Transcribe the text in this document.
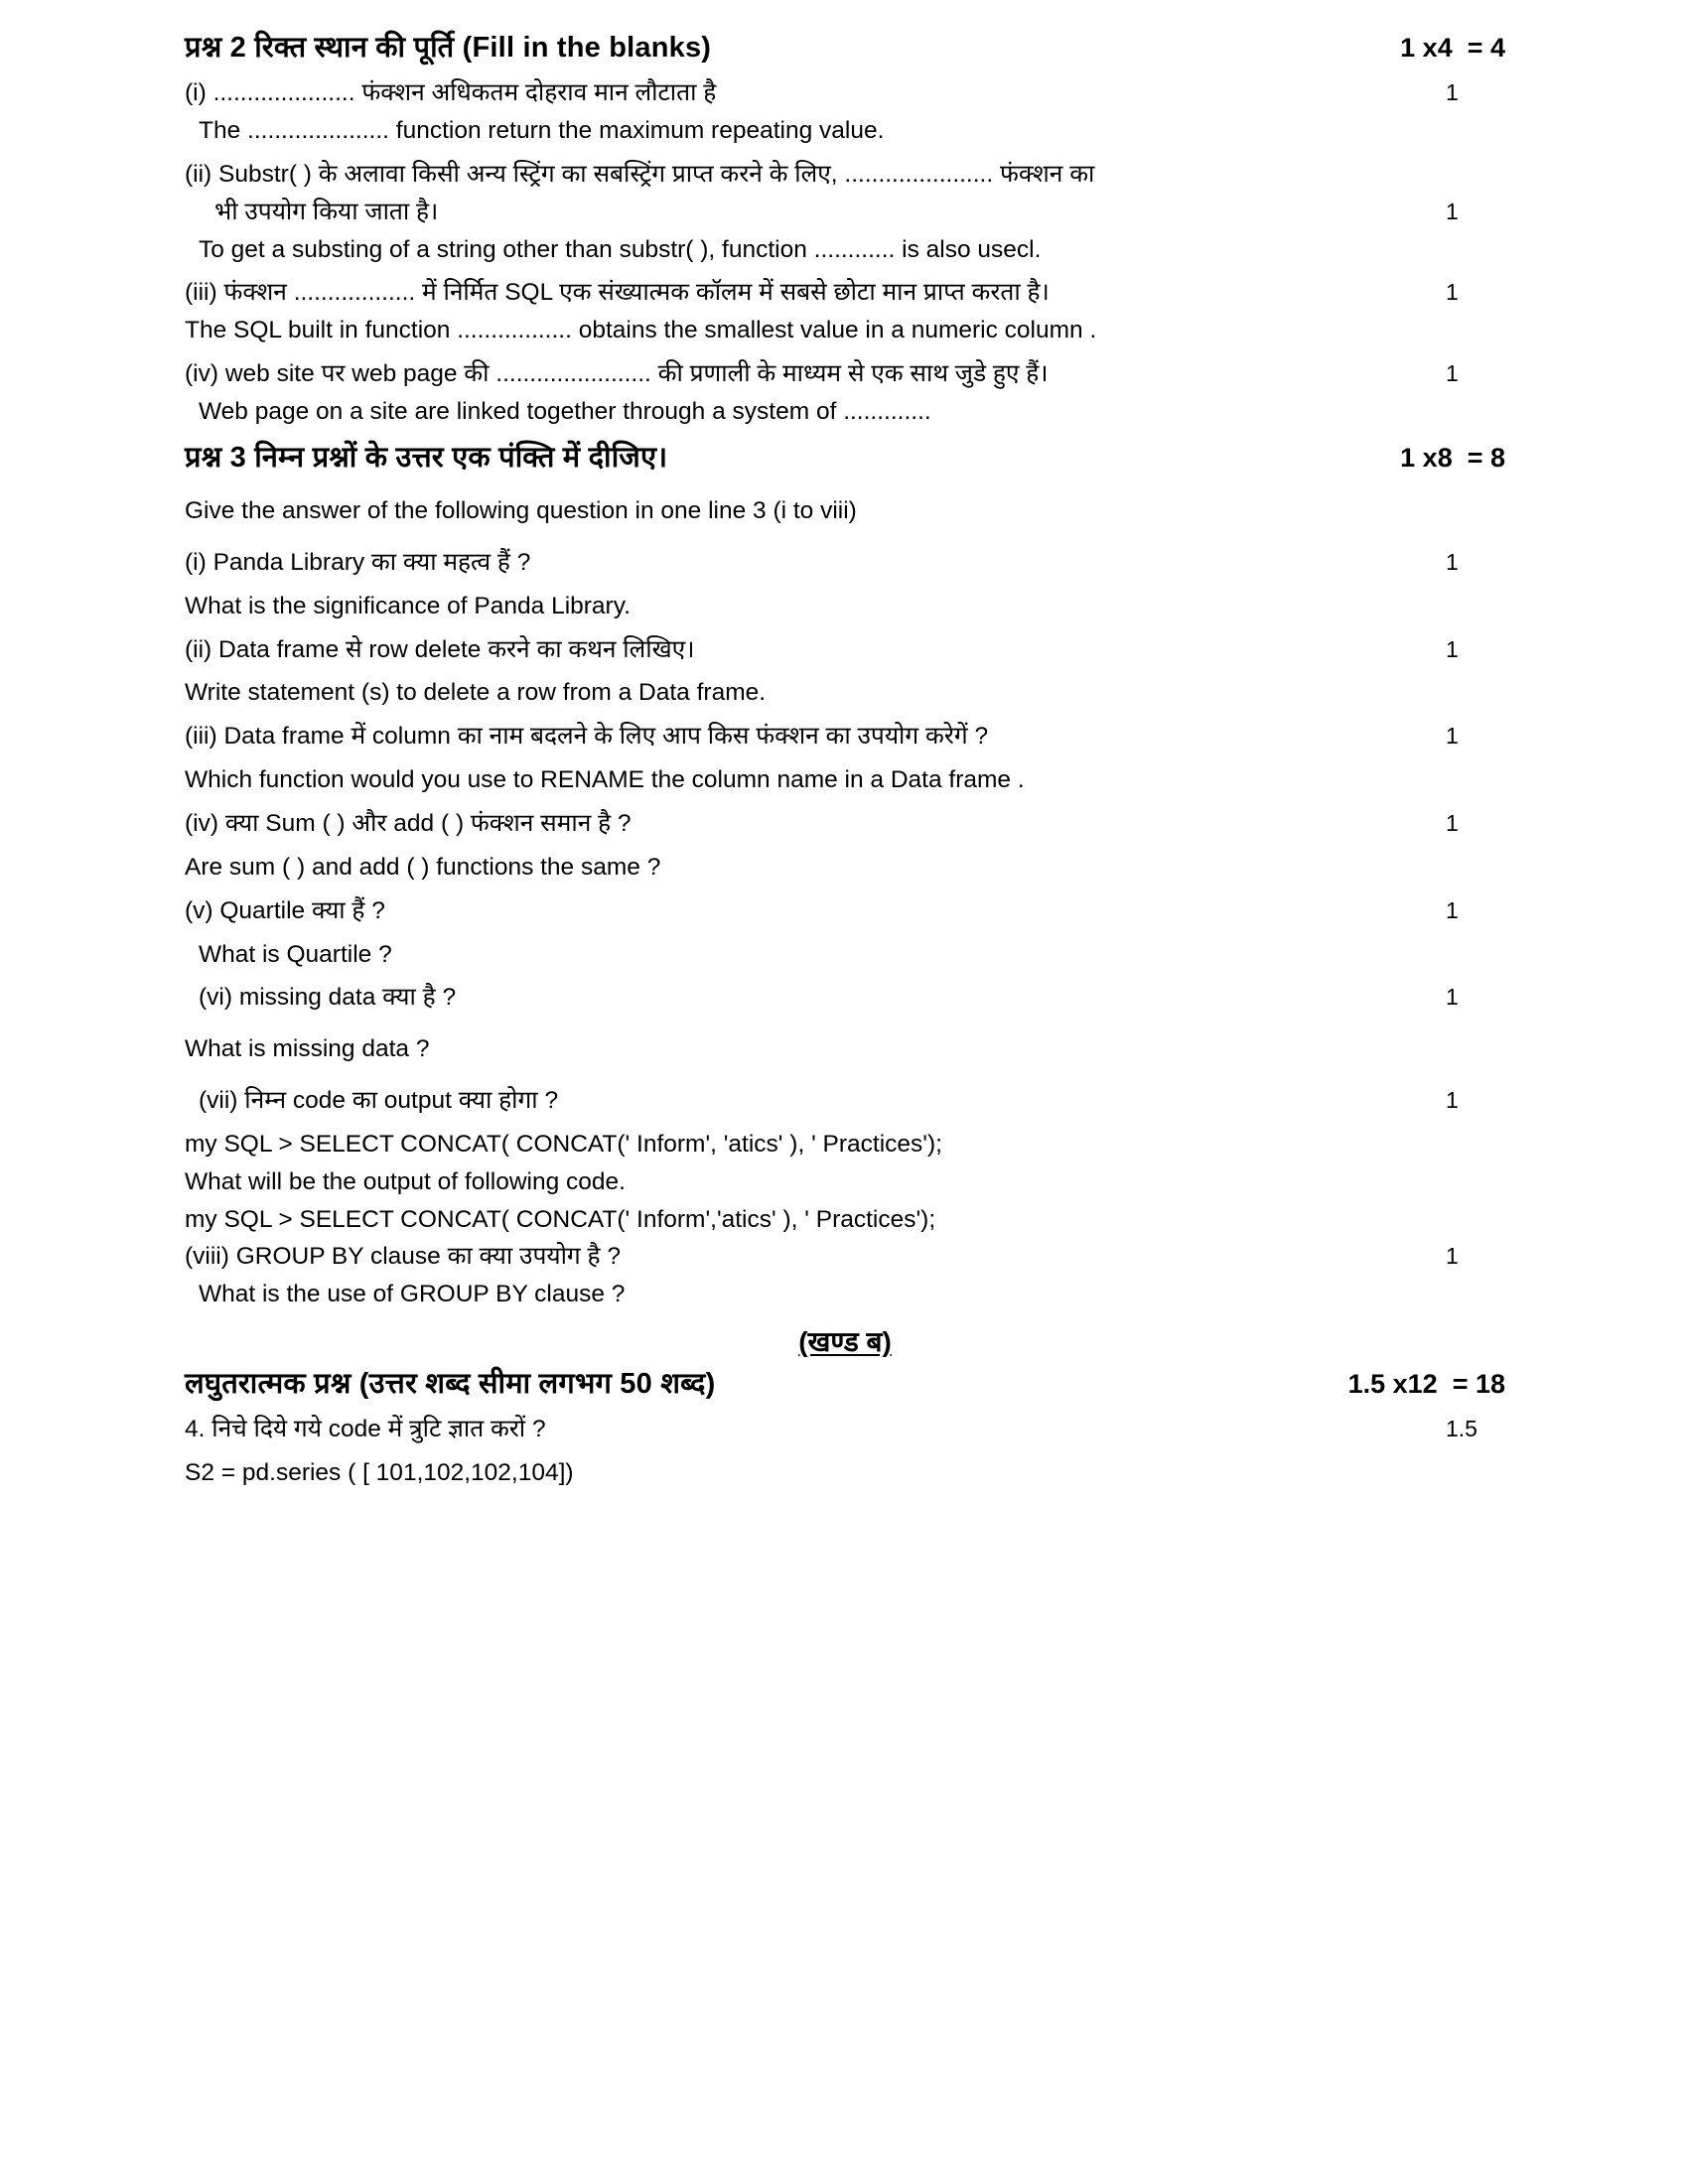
प्रश्न 2 रिक्त स्थान की पूर्ति (Fill in the blanks)	1 x4  = 4
(i) ..................... फंक्शन अधिकतम दोहराव मान लौटाता है	1
The ..................... function return the maximum repeating value.
(ii) Substr( ) के अलावा किसी अन्य स्ट्रिंग का सबस्ट्रिंग प्राप्त करने के लिए, ...................... फंक्शन का
भी उपयोग किया जाता है।	1
To get a substing of a string other than substr( ), function ............ is also usecl.
(iii) फंक्शन .................. में निर्मित SQL एक संख्यात्मक कॉलम में सबसे छोटा मान प्राप्त करता है।	1
The SQL built in function ................. obtains the smallest value in a numeric column .
(iv) web site पर web page की ....................... की प्रणाली के माध्यम से एक साथ जुडे हुए हैं।	1
Web page on a site are linked together through a system of .............
प्रश्न 3 निम्न प्रश्नों के उत्तर एक पंक्ति में दीजिए।	1 x8  = 8
Give the answer of the following question in one line 3 (i to viii)
(i) Panda Library का क्या महत्व हैं ?	1
What is the significance of Panda Library.
(ii) Data frame से row delete करने का कथन लिखिए।	1
Write statement (s) to delete a row from a Data frame.
(iii) Data frame में column का नाम बदलने के लिए आप किस फंक्शन का उपयोग करेगें ?	1
Which function would you use to RENAME the column name in a Data frame .
(iv) क्या Sum ( ) और add ( ) फंक्शन समान है ?	1
Are sum ( ) and add ( ) functions the same ?
(v) Quartile क्या हैं ?	1
What is Quartile ?
(vi) missing data क्या है ?	1
What is missing data ?
(vii) निम्न code का output क्या होगा ?	1
my SQL > SELECT CONCAT( CONCAT(' Inform', 'atics' ), ' Practices');
What will be the output of following code.
my SQL > SELECT CONCAT( CONCAT(' Inform','atics' ), ' Practices');
(viii) GROUP BY clause का क्या उपयोग है ?	1
What is the use of GROUP BY clause ?
(खण्ड ब)
लघुतरात्मक प्रश्न (उत्तर शब्द सीमा लगभग 50 शब्द)	1.5 x12  = 18
4. निचे दिये गये code में त्रुटि ज्ञात करों ?	1.5
S2 = pd.series ( [ 101,102,102,104])
